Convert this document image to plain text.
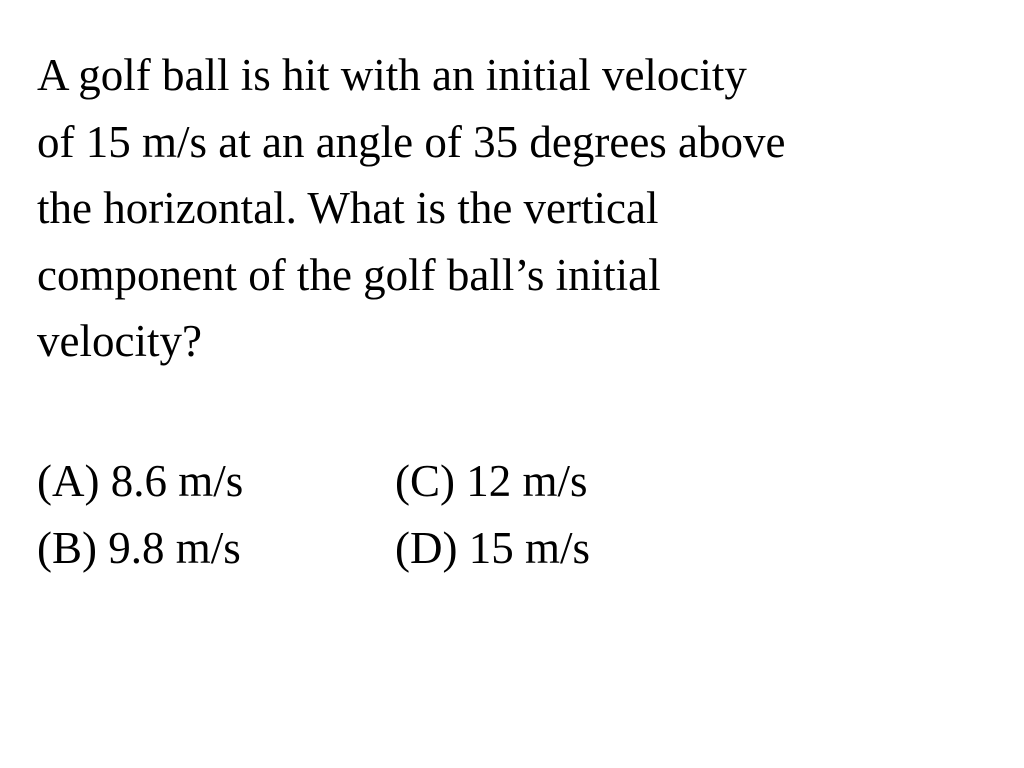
A golf ball is hit with an initial velocity
of 15 m/s at an angle of 35 degrees above
the horizontal. What is the vertical
component of the golf ball’s initial
velocity?

(A) 8.6 m/s	(C) 12 m/s
(B) 9.8 m/s	(D) 15 m/s
